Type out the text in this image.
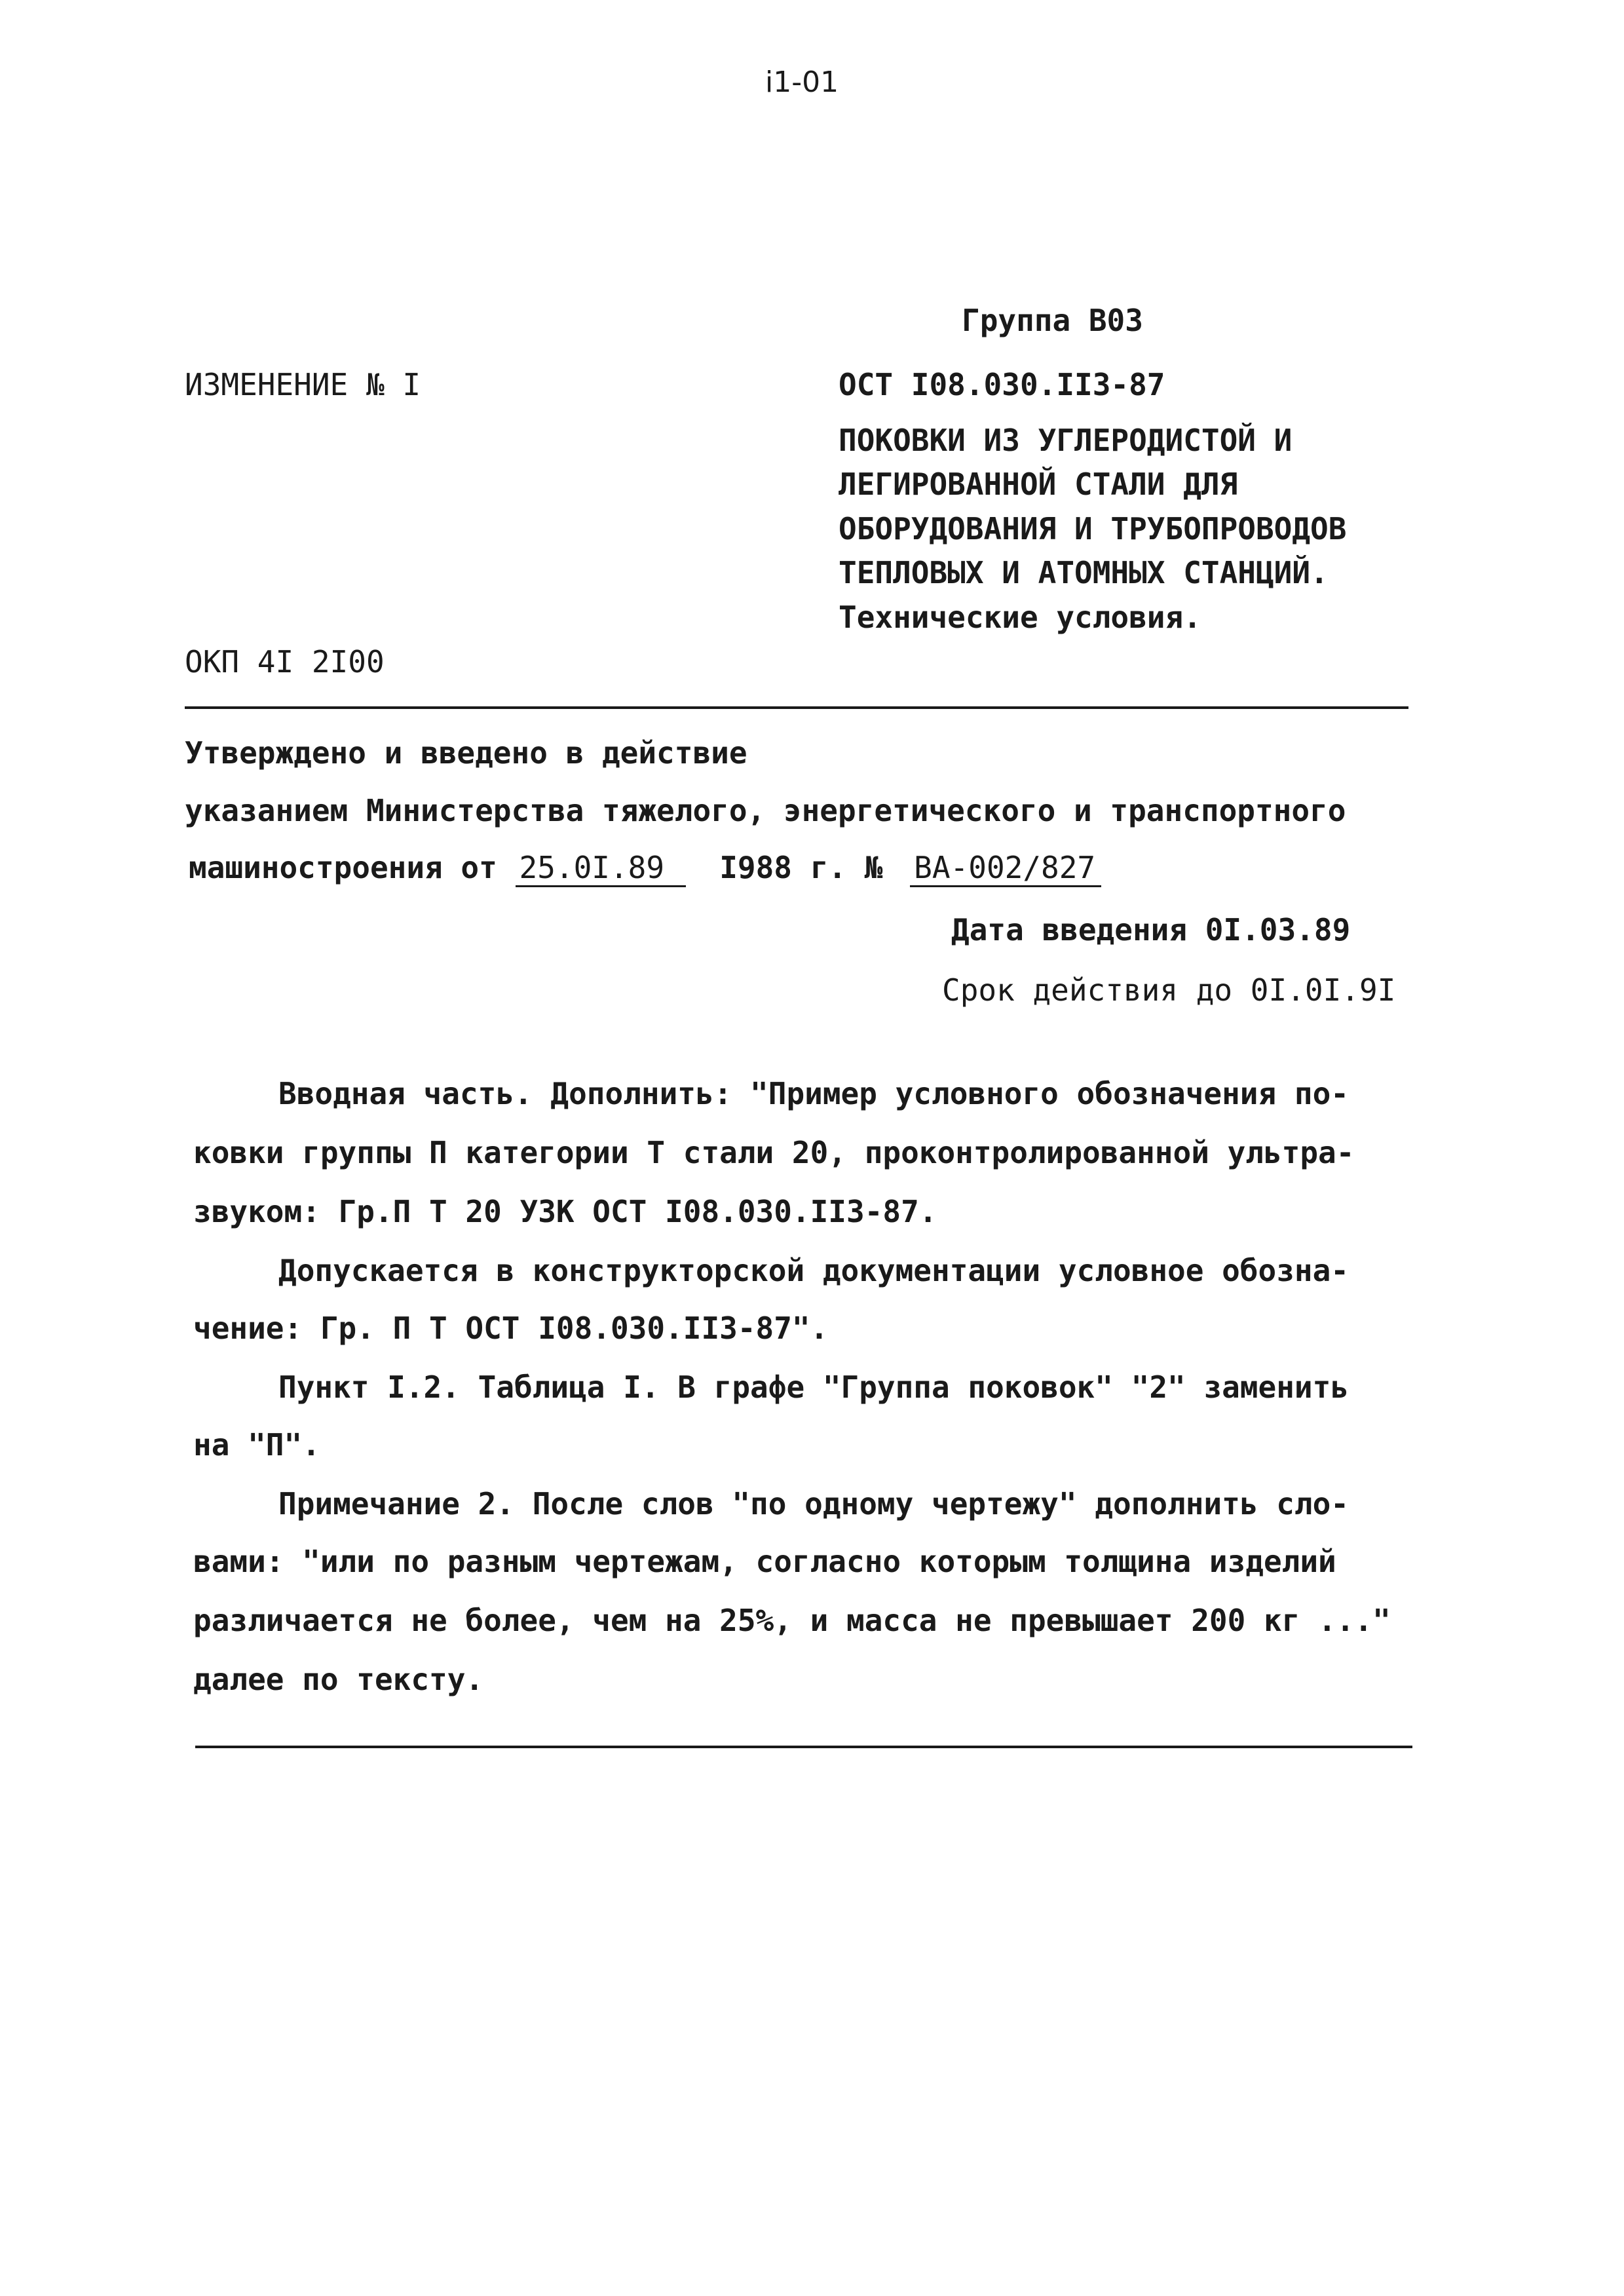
i1-01
Группа В03
ИЗМЕНЕНИЕ № I	ОСТ I08.030.II3-87
ПОКОВКИ ИЗ УГЛЕРОДИСТОЙ И
ЛЕГИРОВАННОЙ СТАЛИ ДЛЯ
ОБОРУДОВАНИЯ И ТРУБОПРОВОДОВ
ТЕПЛОВЫХ И АТОМНЫХ СТАНЦИЙ.
Технические условия.
ОКП 4I 2I00
Утверждено и введено в действие
указанием Министерства тяжелого, энергетического и транспортного
машиностроения от 25.0I.89 I988 г. № ВА-002/827
Дата введения 0I.03.89
Срок действия до 0I.0I.9I
Вводная часть. Дополнить: "Пример условного обозначения по-
ковки группы П категории Т стали 20, проконтролированной ультра-
звуком: Гр.П Т 20 УЗК ОСТ I08.030.II3-87.
Допускается в конструкторской документации условное обозна-
чение: Гр. П Т ОСТ I08.030.II3-87".
Пункт I.2. Таблица I. В графе "Группа поковок" "2" заменить
на "П".
Примечание 2. После слов "по одному чертежу" дополнить сло-
вами: "или по разным чертежам, согласно которым толщина изделий
различается не более, чем на 25%, и масса не превышает 200 кг ..."
далее по тексту.
